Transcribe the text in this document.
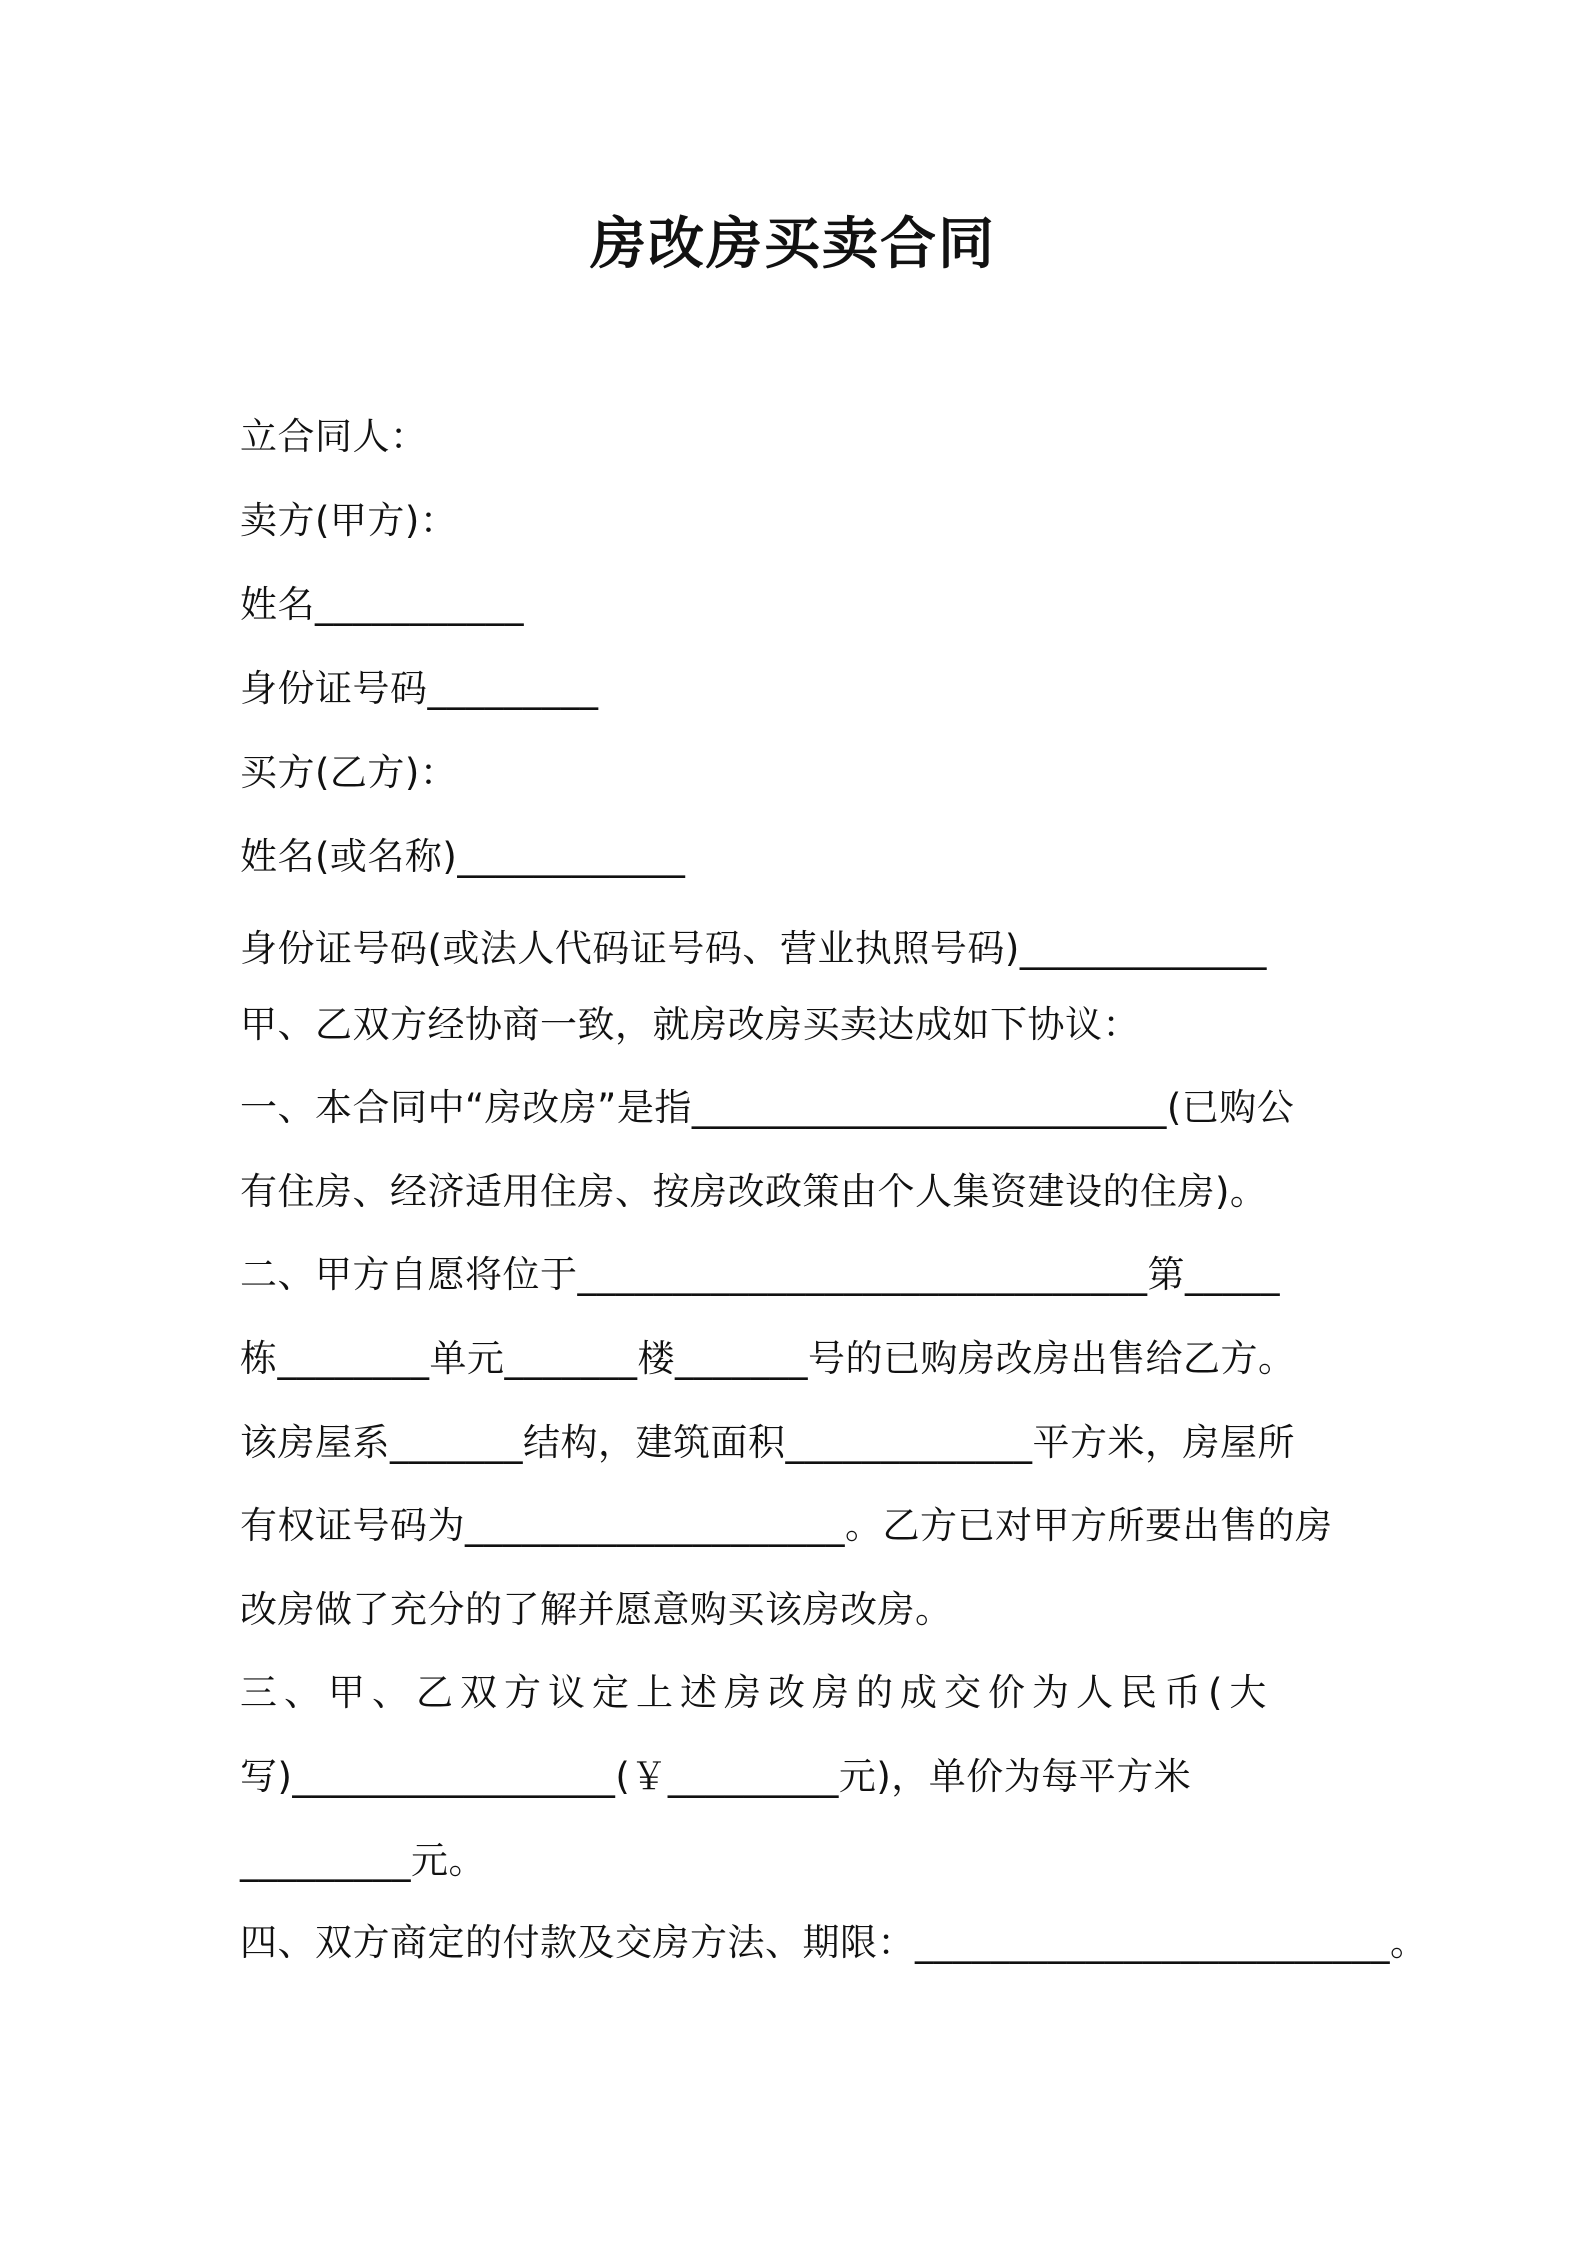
房改房买卖合同
立合同人：
卖方(甲方)：
姓名___________
身份证号码_________
买方(乙方)：
姓名(或名称)____________
身份证号码(或法人代码证号码、营业执照号码)_____________
甲、乙双方经协商一致，就房改房买卖达成如下协议：
一、本合同中“房改房”是指_________________________(已购公
有住房、经济适用住房、按房改政策由个人集资建设的住房)。
二、甲方自愿将位于______________________________第_____
栋________单元_______楼_______号的已购房改房出售给乙方。
该房屋系_______结构，建筑面积_____________平方米，房屋所
有权证号码为____________________。乙方已对甲方所要出售的房
改房做了充分的了解并愿意购买该房改房。
三、甲、乙双方议定上述房改房的成交价为人民币(大
写)_________________(￥_________元)，单价为每平方米
_________元。
四、双方商定的付款及交房方法、期限：_________________________。
